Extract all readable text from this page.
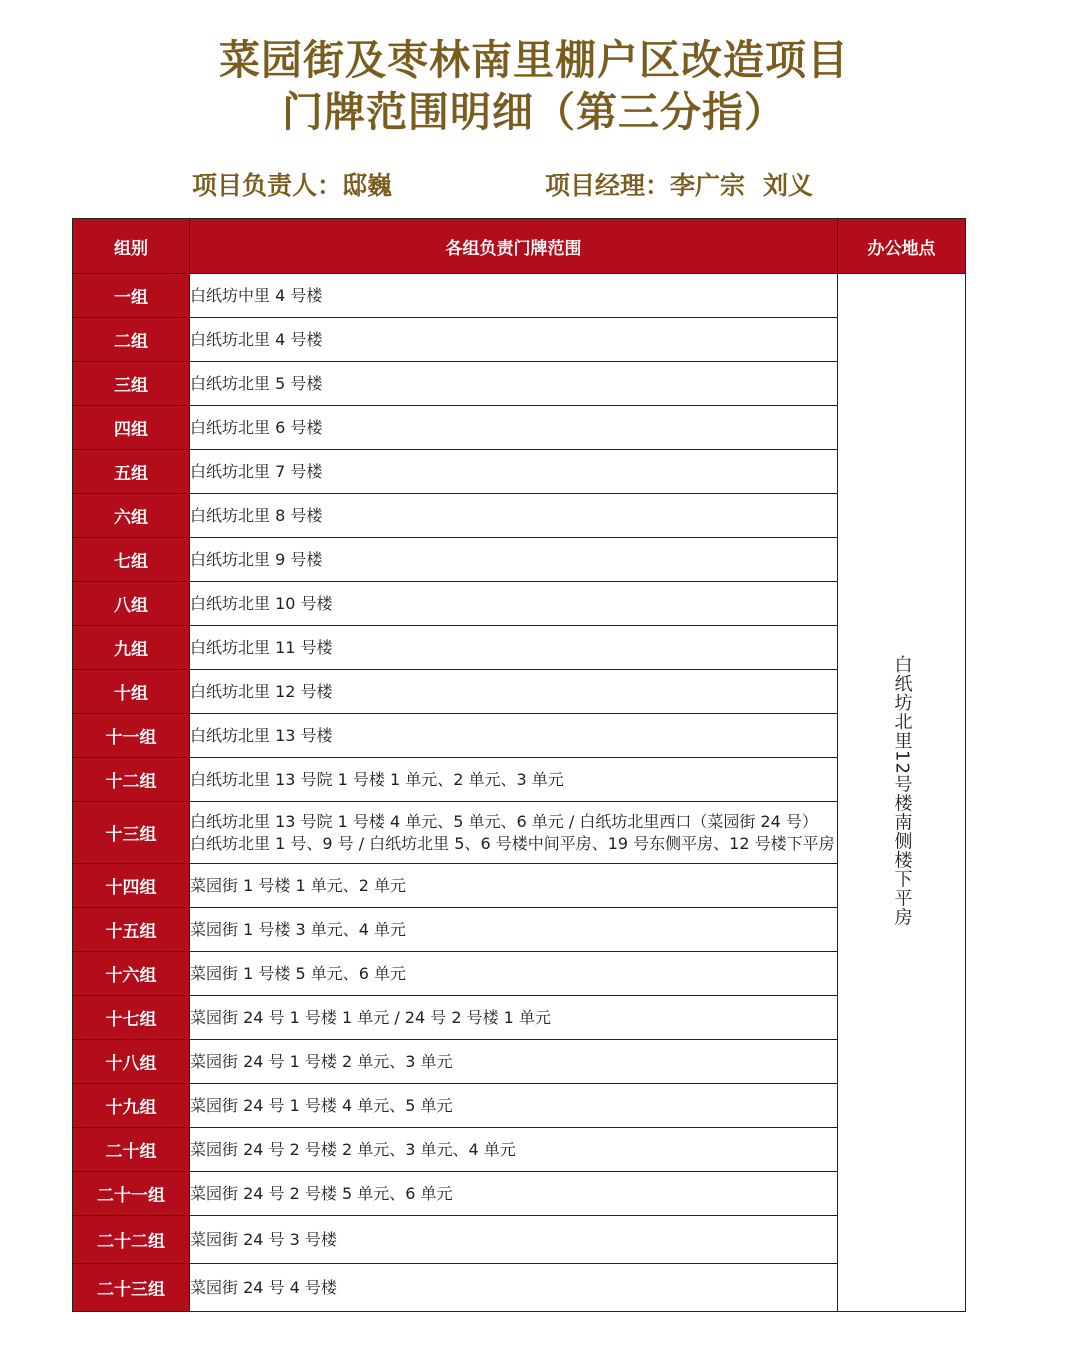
菜园街及枣林南里棚户区改造项目
门牌范围明细（第三分指）
项目负责人：邸巍	项目经理：李广宗 刘义
组别	各组负责门牌范围	办公地点
一组	白纸坊中里 4 号楼	白纸坊北里12号楼南侧楼下平房
二组	白纸坊北里 4 号楼	

三组	白纸坊北里 5 号楼	

四组	白纸坊北里 6 号楼	

五组	白纸坊北里 7 号楼	

六组	白纸坊北里 8 号楼	

七组	白纸坊北里 9 号楼	

八组	白纸坊北里 10 号楼	

九组	白纸坊北里 11 号楼	

十组	白纸坊北里 12 号楼	

十一组	白纸坊北里 13 号楼	

十二组	白纸坊北里 13 号院 1 号楼 1 单元、2 单元、3 单元	

十三组	白纸坊北里 13 号院 1 号楼 4 单元、5 单元、6 单元 / 白纸坊北里西口（菜园街 24 号）
白纸坊北里 1 号、9 号 / 白纸坊北里 5、6 号楼中间平房、19 号东侧平房、12 号楼下平房	

十四组	菜园街 1 号楼 1 单元、2 单元	

十五组	菜园街 1 号楼 3 单元、4 单元	

十六组	菜园街 1 号楼 5 单元、6 单元	

十七组	菜园街 24 号 1 号楼 1 单元 / 24 号 2 号楼 1 单元	

十八组	菜园街 24 号 1 号楼 2 单元、3 单元	

十九组	菜园街 24 号 1 号楼 4 单元、5 单元	

二十组	菜园街 24 号 2 号楼 2 单元、3 单元、4 单元	

二十一组	菜园街 24 号 2 号楼 5 单元、6 单元	

二十二组	菜园街 24 号 3 号楼	

二十三组	菜园街 24 号 4 号楼	
